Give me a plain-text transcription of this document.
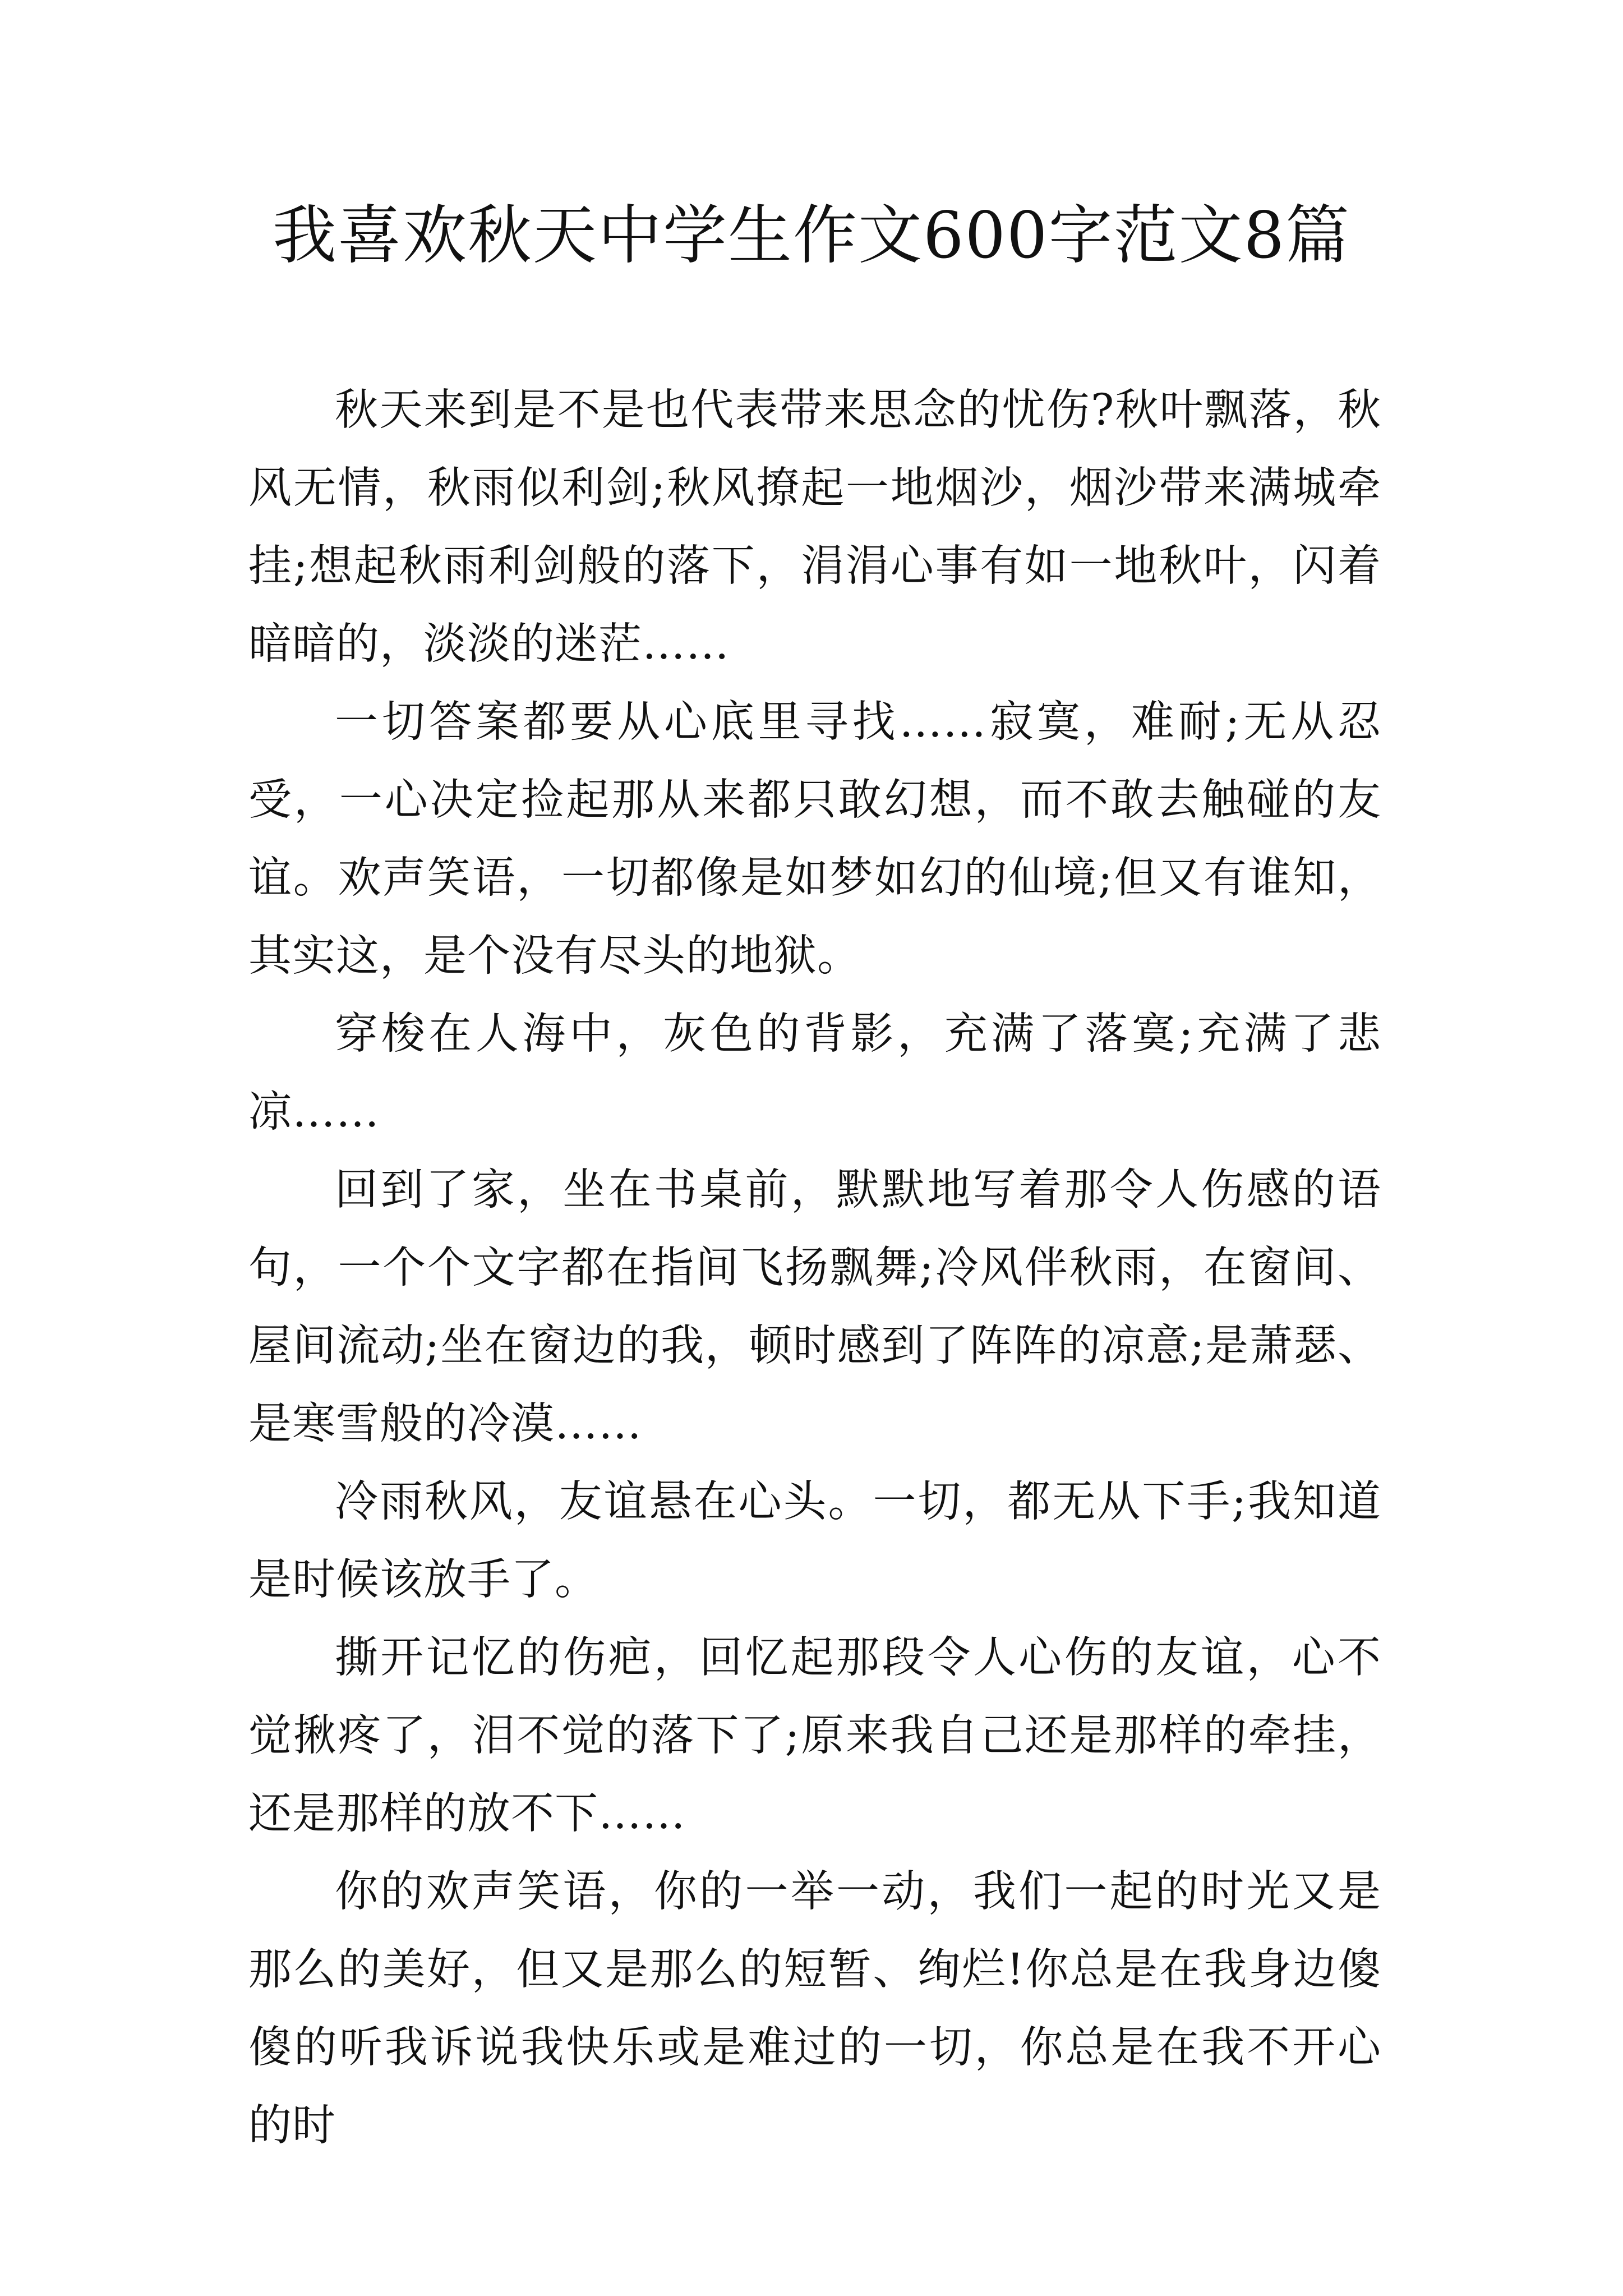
我喜欢秋天中学生作文600字范文8篇

秋天来到是不是也代表带来思念的忧伤?秋叶飘落，秋风无情，秋雨似利剑;秋风撩起一地烟沙，烟沙带来满城牵挂;想起秋雨利剑般的落下，涓涓心事有如一地秋叶，闪着暗暗的，淡淡的迷茫……

一切答案都要从心底里寻找……寂寞，难耐;无从忍受，一心决定捡起那从来都只敢幻想，而不敢去触碰的友谊。欢声笑语，一切都像是如梦如幻的仙境;但又有谁知，其实这，是个没有尽头的地狱。

穿梭在人海中，灰色的背影，充满了落寞;充满了悲凉……

回到了家，坐在书桌前，默默地写着那令人伤感的语句，一个个文字都在指间飞扬飘舞;冷风伴秋雨，在窗间、屋间流动;坐在窗边的我，顿时感到了阵阵的凉意;是萧瑟、是寒雪般的冷漠……

冷雨秋风，友谊悬在心头。一切，都无从下手;我知道是时候该放手了。

撕开记忆的伤疤，回忆起那段令人心伤的友谊，心不觉揪疼了，泪不觉的落下了;原来我自己还是那样的牵挂，还是那样的放不下……

你的欢声笑语，你的一举一动，我们一起的时光又是那么的美好，但又是那么的短暂、绚烂!你总是在我身边傻傻的听我诉说我快乐或是难过的一切，你总是在我不开心的时
